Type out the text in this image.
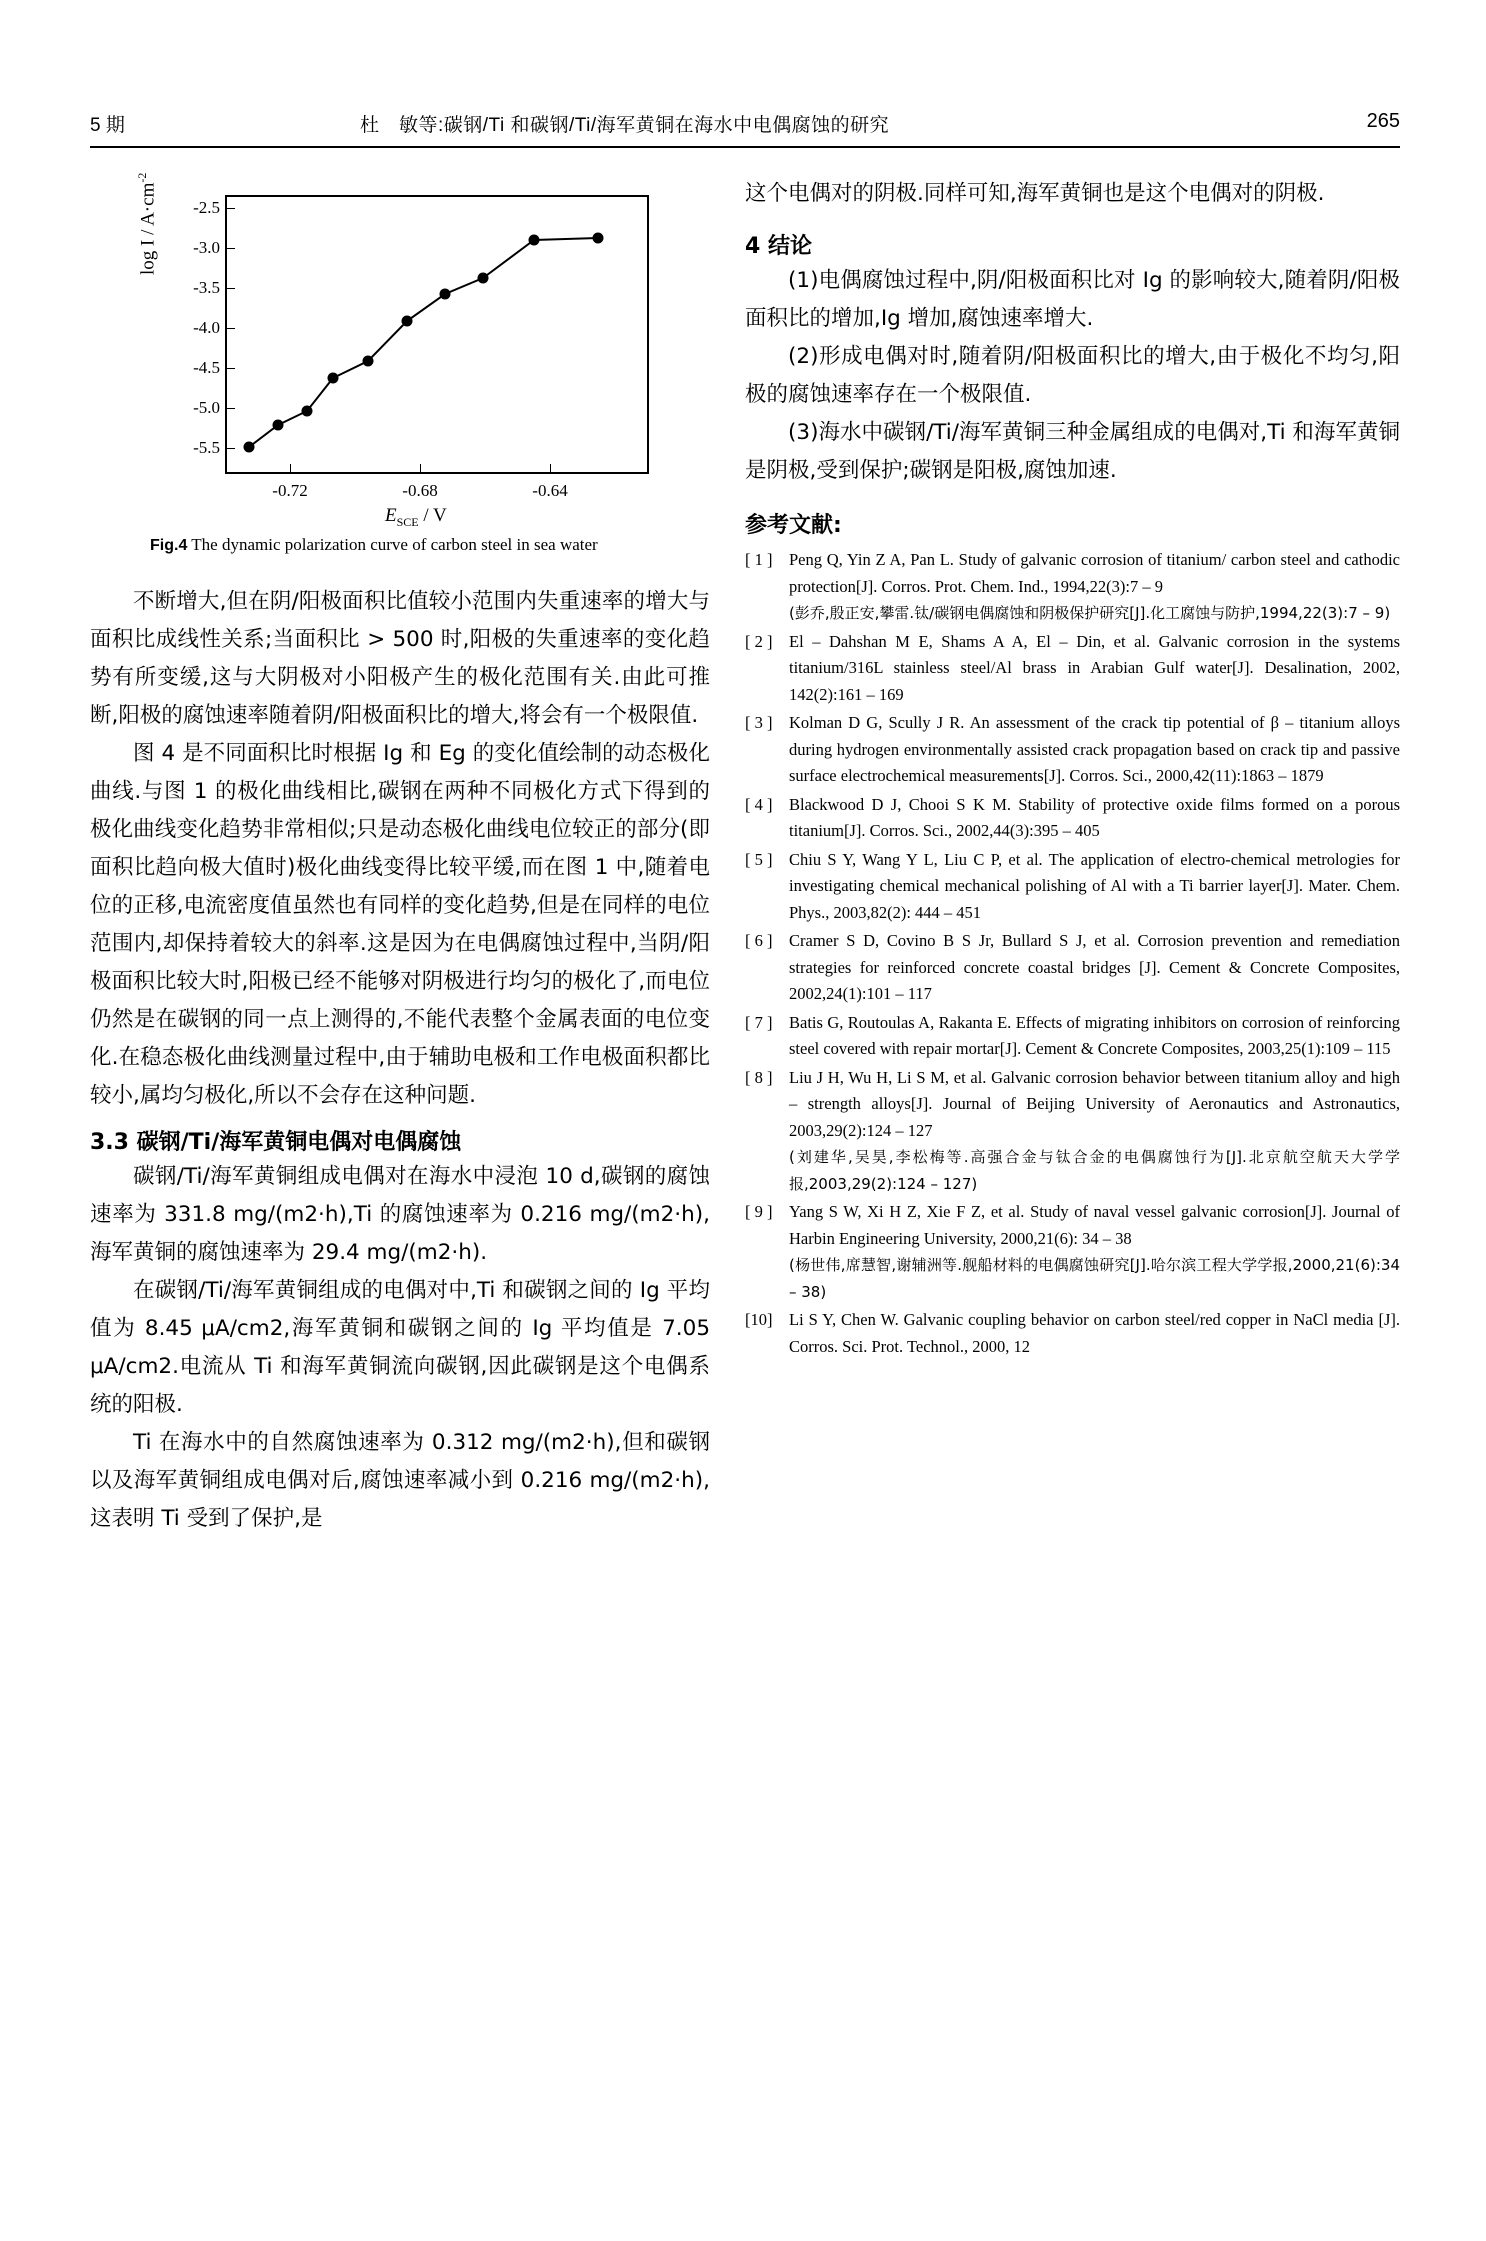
5 期	杜　敏等:碳钢/Ti 和碳钢/Ti/海军黄铜在海水中电偶腐蚀的研究	265
$\log I / A\cdot cm^{-2}$
-2.5
-3.0
-3.5
-4.0
-4.5
-5.0
-5.5
-0.72	-0.68	-0.64
$E_{SCE}$ / V
Fig.4 The dynamic polarization curve of carbon steel in sea water

不断增大,但在阴/阳极面积比值较小范围内失重速率的增大与面积比成线性关系;当面积比 > 500 时,阳极的失重速率的变化趋势有所变缓,这与大阴极对小阳极产生的极化范围有关.由此可推断,阳极的腐蚀速率随着阴/阳极面积比的增大,将会有一个极限值.

图 4 是不同面积比时根据 Ig 和 Eg 的变化值绘制的动态极化曲线.与图 1 的极化曲线相比,碳钢在两种不同极化方式下得到的极化曲线变化趋势非常相似;只是动态极化曲线电位较正的部分(即面积比趋向极大值时)极化曲线变得比较平缓,而在图 1 中,随着电位的正移,电流密度值虽然也有同样的变化趋势,但是在同样的电位范围内,却保持着较大的斜率.这是因为在电偶腐蚀过程中,当阴/阳极面积比较大时,阳极已经不能够对阴极进行均匀的极化了,而电位仍然是在碳钢的同一点上测得的,不能代表整个金属表面的电位变化.在稳态极化曲线测量过程中,由于辅助电极和工作电极面积都比较小,属均匀极化,所以不会存在这种问题.

3.3 碳钢/Ti/海军黄铜电偶对电偶腐蚀

碳钢/Ti/海军黄铜组成电偶对在海水中浸泡 10 d,碳钢的腐蚀速率为 331.8 mg/(m2·h),Ti 的腐蚀速率为 0.216 mg/(m2·h),海军黄铜的腐蚀速率为 29.4 mg/(m2·h).

在碳钢/Ti/海军黄铜组成的电偶对中,Ti 和碳钢之间的 Ig 平均值为 8.45 μA/cm2,海军黄铜和碳钢之间的 Ig 平均值是 7.05 μA/cm2.电流从 Ti 和海军黄铜流向碳钢,因此碳钢是这个电偶系统的阳极.

Ti 在海水中的自然腐蚀速率为 0.312 mg/(m2·h),但和碳钢以及海军黄铜组成电偶对后,腐蚀速率减小到 0.216 mg/(m2·h),这表明 Ti 受到了保护,是

这个电偶对的阴极.同样可知,海军黄铜也是这个电偶对的阴极.

4 结论

(1)电偶腐蚀过程中,阴/阳极面积比对 Ig 的影响较大,随着阴/阳极面积比的增加,Ig 增加,腐蚀速率增大.

(2)形成电偶对时,随着阴/阳极面积比的增大,由于极化不均匀,阳极的腐蚀速率存在一个极限值.

(3)海水中碳钢/Ti/海军黄铜三种金属组成的电偶对,Ti 和海军黄铜是阴极,受到保护;碳钢是阳极,腐蚀加速.

参考文献:
[ 1 ] Peng Q, Yin Z A, Pan L. Study of galvanic corrosion of titanium/ carbon steel and cathodic protection[J]. Corros. Prot. Chem. Ind., 1994,22(3):7 – 9
(彭乔,殷正安,攀雷.钛/碳钢电偶腐蚀和阴极保护研究[J].化工腐蚀与防护,1994,22(3):7 – 9)
[ 2 ] El – Dahshan M E, Shams A A, El – Din, et al. Galvanic corrosion in the systems titanium/316L stainless steel/Al brass in Arabian Gulf water[J]. Desalination, 2002, 142(2):161 – 169
[ 3 ] Kolman D G, Scully J R. An assessment of the crack tip potential of β – titanium alloys during hydrogen environmentally assisted crack propagation based on crack tip and passive surface electrochemical measurements[J]. Corros. Sci., 2000,42(11):1863 – 1879
[ 4 ] Blackwood D J, Chooi S K M. Stability of protective oxide films formed on a porous titanium[J]. Corros. Sci., 2002,44(3):395 – 405
[ 5 ] Chiu S Y, Wang Y L, Liu C P, et al. The application of electro-chemical metrologies for investigating chemical mechanical polishing of Al with a Ti barrier layer[J]. Mater. Chem. Phys., 2003,82(2): 444 – 451
[ 6 ] Cramer S D, Covino B S Jr, Bullard S J, et al. Corrosion prevention and remediation strategies for reinforced concrete coastal bridges [J]. Cement & Concrete Composites, 2002,24(1):101 – 117
[ 7 ] Batis G, Routoulas A, Rakanta E. Effects of migrating inhibitors on corrosion of reinforcing steel covered with repair mortar[J]. Cement & Concrete Composites, 2003,25(1):109 – 115
[ 8 ] Liu J H, Wu H, Li S M, et al. Galvanic corrosion behavior between titanium alloy and high – strength alloys[J]. Journal of Beijing University of Aeronautics and Astronautics, 2003,29(2):124 – 127
(刘建华,吴昊,李松梅等.高强合金与钛合金的电偶腐蚀行为[J].北京航空航天大学学报,2003,29(2):124 – 127)
[ 9 ] Yang S W, Xi H Z, Xie F Z, et al. Study of naval vessel galvanic corrosion[J]. Journal of Harbin Engineering University, 2000,21(6): 34 – 38
(杨世伟,席慧智,谢辅洲等.舰船材料的电偶腐蚀研究[J].哈尔滨工程大学学报,2000,21(6):34 – 38)
[10] Li S Y, Chen W. Galvanic coupling behavior on carbon steel/red copper in NaCl media [J]. Corros. Sci. Prot. Technol., 2000, 12
